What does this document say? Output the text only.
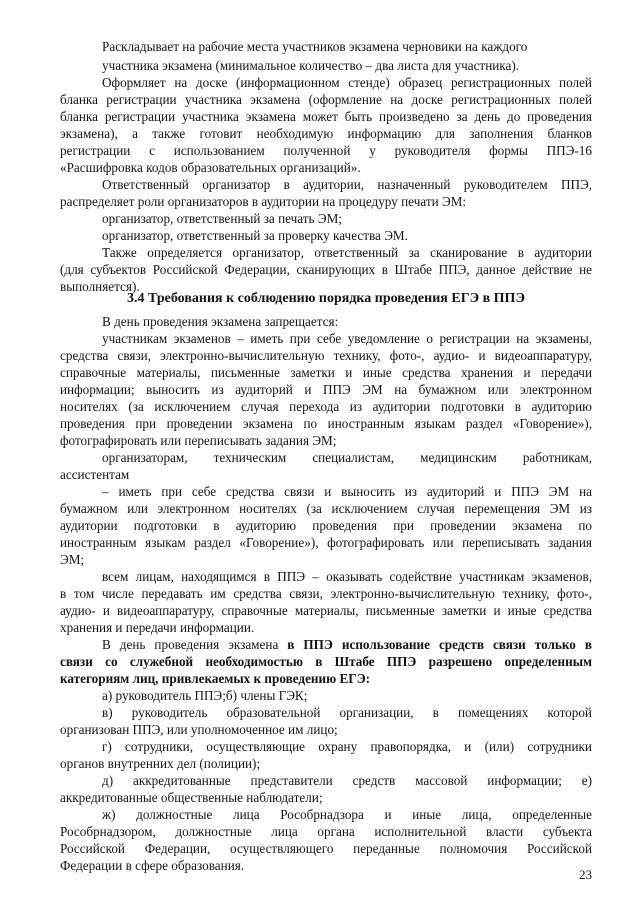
Раскладывает на рабочие места участников экзамена черновики на каждого

участника экзамена (минимальное количество – два листа для участника).

Оформляет на доске (информационном стенде) образец регистрационных полей

бланка регистрации участника экзамена (оформление на доске регистрационных полей

бланка регистрации участника экзамена может быть произведено за день до проведения

экзамена), а также готовит необходимую информацию для заполнения бланков

регистрации с использованием полученной у руководителя формы ППЭ-16

«Расшифровка кодов образовательных организаций».

Ответственный организатор в аудитории, назначенный руководителем ППЭ,

распределяет роли организаторов в аудитории на процедуру печати ЭМ:

организатор, ответственный за печать ЭМ;

организатор, ответственный за проверку качества ЭМ.

Также определяется организатор, ответственный за сканирование в аудитории

(для субъектов Российской Федерации, сканирующих в Штабе ППЭ, данное действие не

выполняется).

3.4 Требования к соблюдению порядка проведения ЕГЭ в ППЭ

В день проведения экзамена запрещается:

участникам экзаменов – иметь при себе уведомление о регистрации на экзамены,

средства связи, электронно-вычислительную технику, фото-, аудио- и видеоаппаратуру,

справочные материалы, письменные заметки и иные средства хранения и передачи

информации; выносить из аудиторий и ППЭ ЭМ на бумажном или электронном

носителях (за исключением случая перехода из аудитории подготовки в аудиторию

проведения при проведении экзамена по иностранным языкам раздел «Говорение»),

фотографировать или переписывать задания ЭМ;

организаторам, техническим специалистам, медицинским работникам,

ассистентам

– иметь при себе средства связи и выносить из аудиторий и ППЭ ЭМ на

бумажном или электронном носителях (за исключением случая перемещения ЭМ из

аудитории подготовки в аудиторию проведения при проведении экзамена по

иностранным языкам раздел «Говорение»), фотографировать или переписывать задания

ЭМ;

всем лицам, находящимся в ППЭ – оказывать содействие участникам экзаменов,

в том числе передавать им средства связи, электронно-вычислительную технику, фото-,

аудио- и видеоаппаратуру, справочные материалы, письменные заметки и иные средства

хранения и передачи информации.

В день проведения экзамена в ППЭ использование средств связи только в

связи со служебной необходимостью в Штабе ППЭ разрешено определенным

категориям лиц, привлекаемых к проведению ЕГЭ:

а) руководитель ППЭ;б) члены ГЭК;

в) руководитель образовательной организации, в помещениях которой

организован ППЭ, или уполномоченное им лицо;

г) сотрудники, осуществляющие охрану правопорядка, и (или) сотрудники

органов внутренних дел (полиции);

д) аккредитованные представители средств массовой информации; е)

аккредитованные общественные наблюдатели;

ж) должностные лица Рособрнадзора и иные лица, определенные

Рособрнадзором, должностные лица органа исполнительной власти субъекта

Российской Федерации, осуществляющего переданные полномочия Российской

Федерации в сфере образования.

23
